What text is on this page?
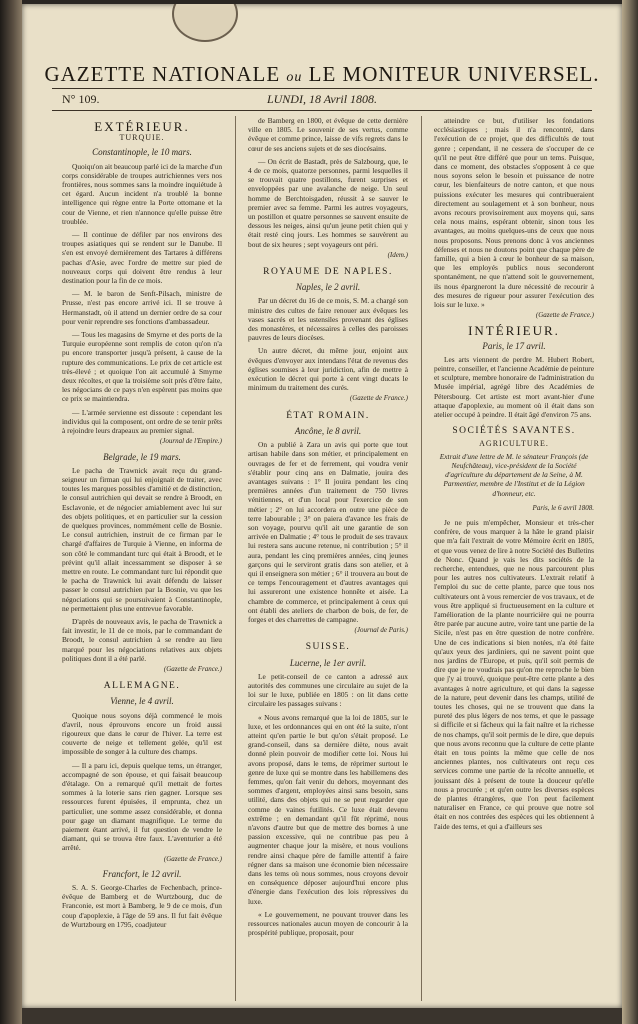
GAZETTE NATIONALE ou LE MONITEUR UNIVERSEL.
LUNDI, 18 Avril 1808.
N° 109.
EXTÉRIEUR.
TURQUIE.
Constantinople, le 10 mars.

Quoiqu'on ait beaucoup parlé ici de la marche d'un corps considérable de troupes autrichiennes vers nos frontières, nous sommes sans la moindre inquiétude à cet égard. Aucun incident n'a troublé la bonne intelligence qui règne entre la Porte ottomane et la cour de Vienne, et rien n'annonce qu'elle puisse être troublée.

— Il continue de défiler par nos environs des troupes asiatiques qui se rendent sur le Danube. Il s'en est envoyé dernièrement des Tartares à différens pachas d'Asie, avec l'ordre de mettre sur pied de nouveaux corps qui doivent être rendus à leur destination pour la fin de ce mois.

— M. le baron de Senft-Pilsach, ministre de Prusse, n'est pas encore arrivé ici. Il se trouve à Hermanstadt, où il attend un dernier ordre de sa cour pour venir reprendre ses fonctions d'ambassadeur.

— Tous les magasins de Smyrne et des ports de la Turquie européenne sont remplis de coton qu'on n'a pu encore transporter jusqu'à présent, à cause de la rupture des communications. Le prix de cet article est très-élevé ; et quoique l'on ait accumulé à Smyrne deux récoltes, et que la troisième soit près d'être faite, les négocians de ce pays n'en espèrent pas moins que ce prix se maintiendra.

— L'armée servienne est dissoute : cependant les individus qui la composent, ont ordre de se tenir prêts à rejoindre leurs drapeaux au premier signal.

(Journal de l'Empire.)
Belgrade, le 19 mars.

Le pacha de Trawnick avait reçu du grand-seigneur un firman qui lui enjoignait de traiter, avec toutes les marques possibles d'amitié et de distinction, le consul autrichien qui devait se rendre à Broodt, en Esclavonie, et de négocier amiablement avec lui sur des objets politiques, et en particulier sur la cession de quelques provinces, nommément celle de Bosnie. Le consul autrichien, instruit de ce firman par le chargé d'affaires de Turquie à Vienne, en informa de son côté le commandant turc qui était à Broodt, et le prévint qu'il allait incessamment se disposer à se mettre en route. Le commandant turc lui répondit que le pacha de Trawnick lui avait défendu de laisser passer le consul autrichien par la Bosnie, vu que les négociations qui se poursuivaient à Constantinople, ne permettaient plus une entrevue favorable.

D'après de nouveaux avis, le pacha de Trawnick a fait investir, le 11 de ce mois, par le commandant de Broodt, le consul autrichien à se rendre au lieu marqué pour les négociations relatives aux objets politiques dont il a été parlé.

(Gazette de France.)
ALLEMAGNE.
Vienne, le 4 avril.

Quoique nous soyons déjà commencé le mois d'avril, nous éprouvons encore un froid aussi rigoureux que dans le cœur de l'hiver. La terre est couverte de neige et tellement gelée, qu'il est impossible de songer à la culture des champs.

— Il a paru ici, depuis quelque tems, un étranger, accompagné de son épouse, et qui faisait beaucoup d'étalage. On a remarqué qu'il mettait de fortes sommes à la loterie sans rien gagner. Lorsque ses ressources furent épuisées, il empruntа, chez un particulier, une somme assez considérable, et donna pour gage un diamant magnifique. Le terme du paiement étant arrivé, il fut question de vendre le diamant, qui se trouva être faux. L'aventurier a été arrêté.

(Gazette de France.)
Francfort, le 12 avril.

S. A. S. George-Charles de Fechenbach, prince-évêque de Bamberg et de Wurtzbourg, duc de Franconie, est mort à Bamberg, le 9 de ce mois, d'un coup d'apoplexie, à l'âge de 59 ans. Il fut fait évêque de Wurtzbourg en 1795, coadjuteur

de Bamberg en 1800, et évêque de cette dernière ville en 1805. Le souvenir de ses vertus, comme évêque et comme prince, laisse de vifs regrets dans le cœur de ses anciens sujets et de ses diocésains.

— On écrit de Bastadt, près de Salzbourg, que, le 4 de ce mois, quatorze personnes, parmi lesquelles il se trouvait quatre postillons, furent surprises et enveloppées par une avalanche de neige. Un seul homme de Berchtoisgaden, réussit à se sauver le premier avec sa femme. Parmi les autres voyageurs, un postillon et quatre personnes se sauvent ensuite de dessous les neiges, ainsi qu'un jeune petit chien qui y était resté cinq jours. Les hommes se sauvèrent au bout de six heures ; sept voyageurs ont péri.

(Idem.)
ROYAUME DE NAPLES.
Naples, le 2 avril.

Par un décret du 16 de ce mois, S. M. a chargé son ministre des cultes de faire renouer aux évêques les vases sacrés et les ustensiles provenant des églises des monastères, et nécessaires à celles des paroisses pauvres de leurs diocèses.

Un autre décret, du même jour, enjoint aux évêques d'envoyer aux intendans l'état de revenus des églises soumises à leur juridiction, afin de mettre à exécution le décret qui porte à cent vingt ducats le minimum du traitement des curés.

(Gazette de France.)
ÉTAT ROMAIN.
Ancône, le 8 avril.

On a publié à Zara un avis qui porte que tout artisan habile dans son métier, et principalement en ouvrages de fer et de ferrement, qui voudra venir s'établir pour cinq ans en Dalmatie, jouira des avantages suivans : 1° Il jouira pendant les cinq premières années d'un traitement de 750 livres vénitiennes, et d'un local pour l'exercice de son métier ; 2° on lui accordera en outre une pièce de terre labourable ; 3° on paiera d'avance les frais de son voyage, pourvu qu'il ait une garantie de son arrivée en Dalmatie ; 4° tous le produit de ses travaux lui restera sans aucune retenue, ni contribution ; 5° il aura, pendant les cinq premières années, cinq jeunes garçons qui le serviront gratis dans son atelier, et à qui il enseignera son métier ; 6° il trouvera au bout de ce temps l'encouragement et d'autres avantages qui lui assureront une existence honnête et aisée. La chambre de commerce, et principalement à ceux qui ont établi des ateliers de charbon de bois, de fer, de forges et des charrettes de campagne.

(Journal de Paris.)
SUISSE.
Lucerne, le 1er avril.

Le petit-conseil de ce canton a adressé aux autorités des communes une circulaire au sujet de la loi sur le luxe, publiée en 1805 : on lit dans cette circulaire les passages suivans :

« Nous avons remarqué que la loi de 1805, sur le luxe, et les ordonnances qui en ont été la suite, n'ont atteint qu'en partie le but qu'on s'était proposé. Le grand-conseil, dans sa dernière diète, nous avait donné plein pouvoir de modifier cette loi. Nous lui avons proposé, dans le tems, de réprimer surtout le genre de luxe qui se montre dans les habillemens des femmes, qu'on fait venir du dehors, moyennant des sommes d'argent, employées ainsi sans besoin, sans utilité, dans des objets qui ne se peut regarder que comme de vaines futilités. Ce luxe était devenu extrême ; en demandant qu'il fût réprimé, nous n'avons d'autre but que de mettre des bornes à une passion excessive, qui ne contribue pas peu à augmenter chaque jour la misère, et nous voulions rendre ainsi chaque père de famille attentif à faire régner dans sa maison une économie bien nécessaire dans les tems où nous sommes, nous croyons devoir en conséquence déposer aujourd'hui encore plus d'énergie dans l'exécution des lois répressives du luxe.

« Le gouvernement, ne pouvant trouver dans les ressources nationales aucun moyen de concourir à la prospérité publique, proposait, pour

atteindre ce but, d'utiliser les fondations ecclésiastiques ; mais il n'a rencontré, dans l'exécution de ce projet, que des difficultés de tout genre ; cependant, il ne cessera de s'occuper de ce qu'il ne peut être différé que pour un tems. Puisque, dans ce moment, des obstacles s'opposent à ce que nous soyons selon le besoin et puissance de notre cœur, les bienfaiteurs de notre canton, et que nous puissions exécuter les mesures qui contribueraient directement au soulagement et à son bonheur, nous avons recours provisoirement aux moyens qui, sans cela nous mains, espérant obtenir, sinon tous les avantages, au moins quelques-uns de ceux que nous nous proposons. Nous prenons donc à vos anciennes défenses et nous ne doutons point que chaque père de famille, qui a bien à cœur le bonheur de sa maison, que les employés publics nous seconderont spontanément, ne que n'attend soit le gouvernement, ils nous épargneront la dure nécessité de recourir à des mesures de rigueur pour assurer l'exécution des lois sur le luxe. »

(Gazette de France.)
INTÉRIEUR.
Paris, le 17 avril.

Les arts viennent de perdre M. Hubert Robert, peintre, conseiller, et l'ancienne Académie de peinture et sculpture, membre honoraire de l'administration du Musée impérial, agrégé libre des Académies de Pétersbourg. Cet artiste est mort avant-hier d'une attaque d'apoplexie, au moment où il était dans son atelier occupé à peindre. Il était âgé d'environ 75 ans.

SOCIÉTÉS SAVANTES.
AGRICULTURE.

Extrait d'une lettre de M. le sénateur François (de Neufchâteau), vice-président de la Société d'agriculture du département de la Seine, à M. Parmentier, membre de l'Institut et de la Légion d'honneur, etc.

Paris, le 6 avril 1808.

Je ne puis m'empêcher, Monsieur et très-cher confrère, de vous marquer à la hâte le grand plaisir que m'a fait l'extrait de votre Mémoire écrit en 1805, et que vous venez de lire à notre Société des Bulletins de Nonc. Quand je vais les dits sociétés de la recherche, entendues, que ne nous parcourent plus pour les autres nos cultivateurs. L'extrait relatif à l'emploi du suc de cette plante, parce que tous nos cultivateurs ont à vous remercier de vos travaux, et de vous être appliqué si fructueusement en la culture et l'amélioration de la plante nourricière qui ne pourra être parée par aucune autre, voire tant une partie de la Sicile, n'est pas en être question de notre confrère. Une de ces indications si bien notées, n'a été faite qu'aux yeux des jardiniers, qui ne savent point que nos jardins de l'Europe, et puis, qu'il soit permis de dire que je ne voudrais pas qu'on me reproche le bien que j'y ai trouvé, quoique peut-être cette plante a des avantages à notre agriculture, et qui dans la sagesse de la nature, peut devenir dans les champs, utilité de toutes les choses, qui ne se trouvent que dans la pureté des plus légers de nos tems, et que le passage si difficile et si fâcheux qui la fait naître et la richesse de nos champs, qu'il soit permis de le dire, que depuis que nous avons reconnu que la culture de cette plante était en tous points la même que celle de nos anciennes plantes, nos cultivateurs ont reçu ces services comme une partie de la récolte annuelle, et jouissant dès à présent de toute la douceur qu'elle nous a procurée ; et qu'en outre les diverses espèces de plantes étrangères, que l'on peut facilement naturaliser en France, ce qui prouve que notre sol était en nos contrées des espèces qui les obtiennent à l'aide des tems, et qui a d'ailleurs ses
